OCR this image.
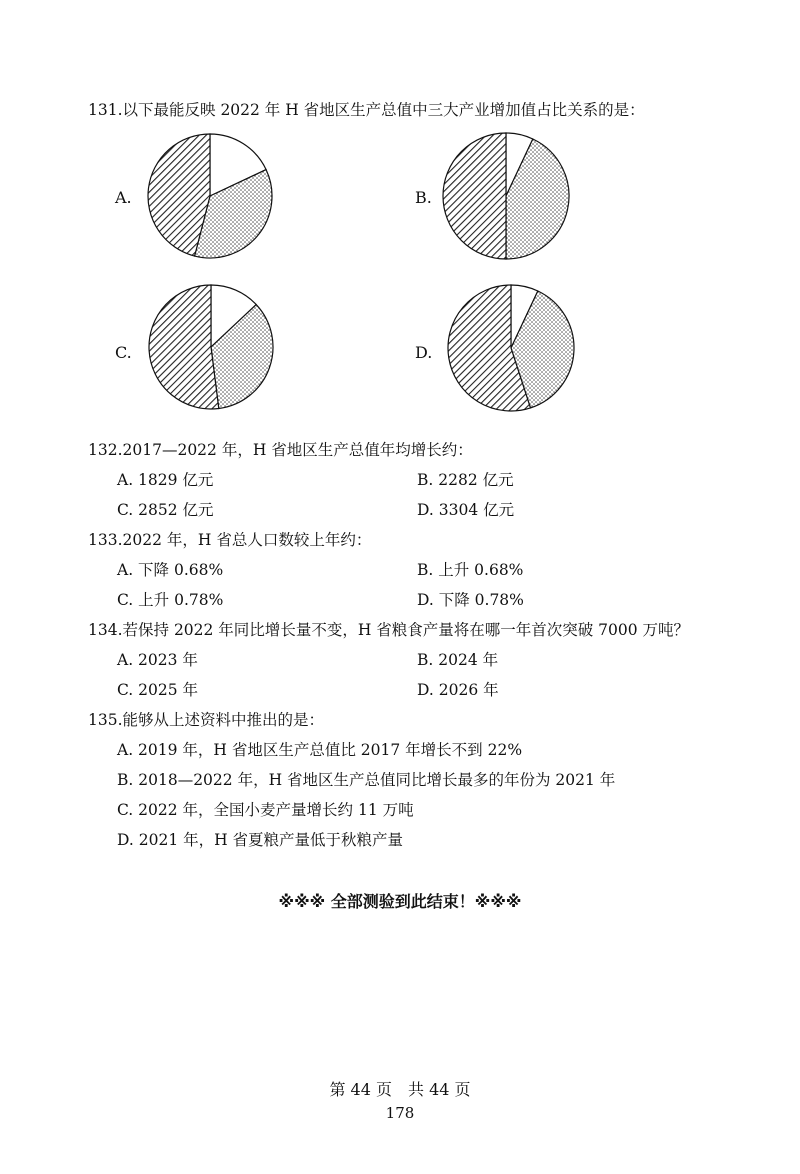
131.以下最能反映 2022 年 H 省地区生产总值中三大产业增加值占比关系的是：
A.	B.
C.	D.
132.2017—2022 年，H 省地区生产总值年均增长约：
A. 1829 亿元	B. 2282 亿元
C. 2852 亿元	D. 3304 亿元
133.2022 年，H 省总人口数较上年约：
A. 下降 0.68%	B. 上升 0.68%
C. 上升 0.78%	D. 下降 0.78%
134.若保持 2022 年同比增长量不变，H 省粮食产量将在哪一年首次突破 7000 万吨？
A. 2023 年	B. 2024 年
C. 2025 年	D. 2026 年
135.能够从上述资料中推出的是：
A. 2019 年，H 省地区生产总值比 2017 年增长不到 22%
B. 2018—2022 年，H 省地区生产总值同比增长最多的年份为 2021 年
C. 2022 年，全国小麦产量增长约 11 万吨
D. 2021 年，H 省夏粮产量低于秋粮产量
※※※ 全部测验到此结束！※※※
第 44 页　共 44 页
178
